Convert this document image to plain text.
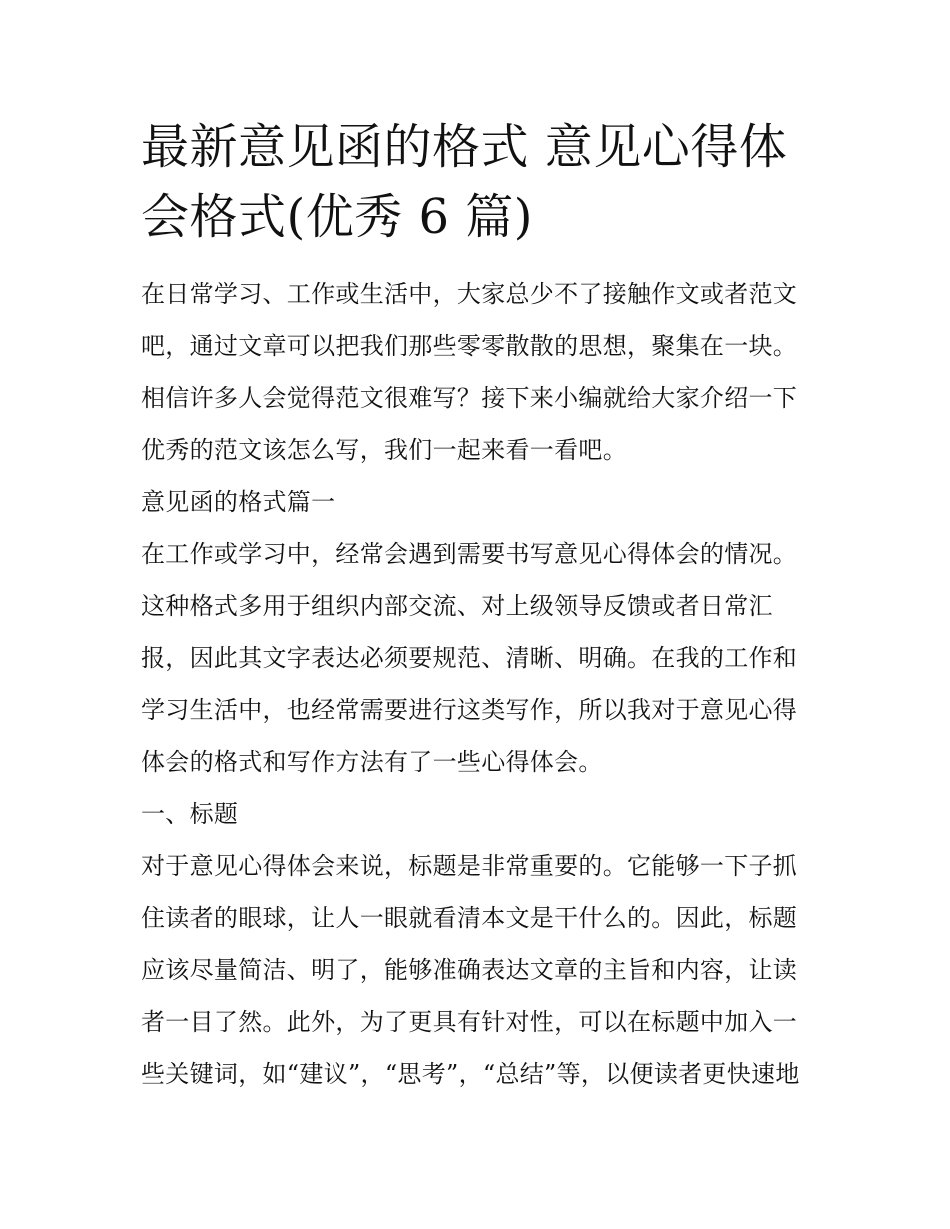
最新意见函的格式 意见心得体
会格式(优秀 6 篇)
在日常学习、工作或生活中，大家总少不了接触作文或者范文
吧，通过文章可以把我们那些零零散散的思想，聚集在一块。
相信许多人会觉得范文很难写？接下来小编就给大家介绍一下
优秀的范文该怎么写，我们一起来看一看吧。
意见函的格式篇一
在工作或学习中，经常会遇到需要书写意见心得体会的情况。
这种格式多用于组织内部交流、对上级领导反馈或者日常汇
报，因此其文字表达必须要规范、清晰、明确。在我的工作和
学习生活中，也经常需要进行这类写作，所以我对于意见心得
体会的格式和写作方法有了一些心得体会。
一、标题
对于意见心得体会来说，标题是非常重要的。它能够一下子抓
住读者的眼球，让人一眼就看清本文是干什么的。因此，标题
应该尽量简洁、明了，能够准确表达文章的主旨和内容，让读
者一目了然。此外，为了更具有针对性，可以在标题中加入一
些关键词，如“建议”，“思考”，“总结”等，以便读者更快速地
